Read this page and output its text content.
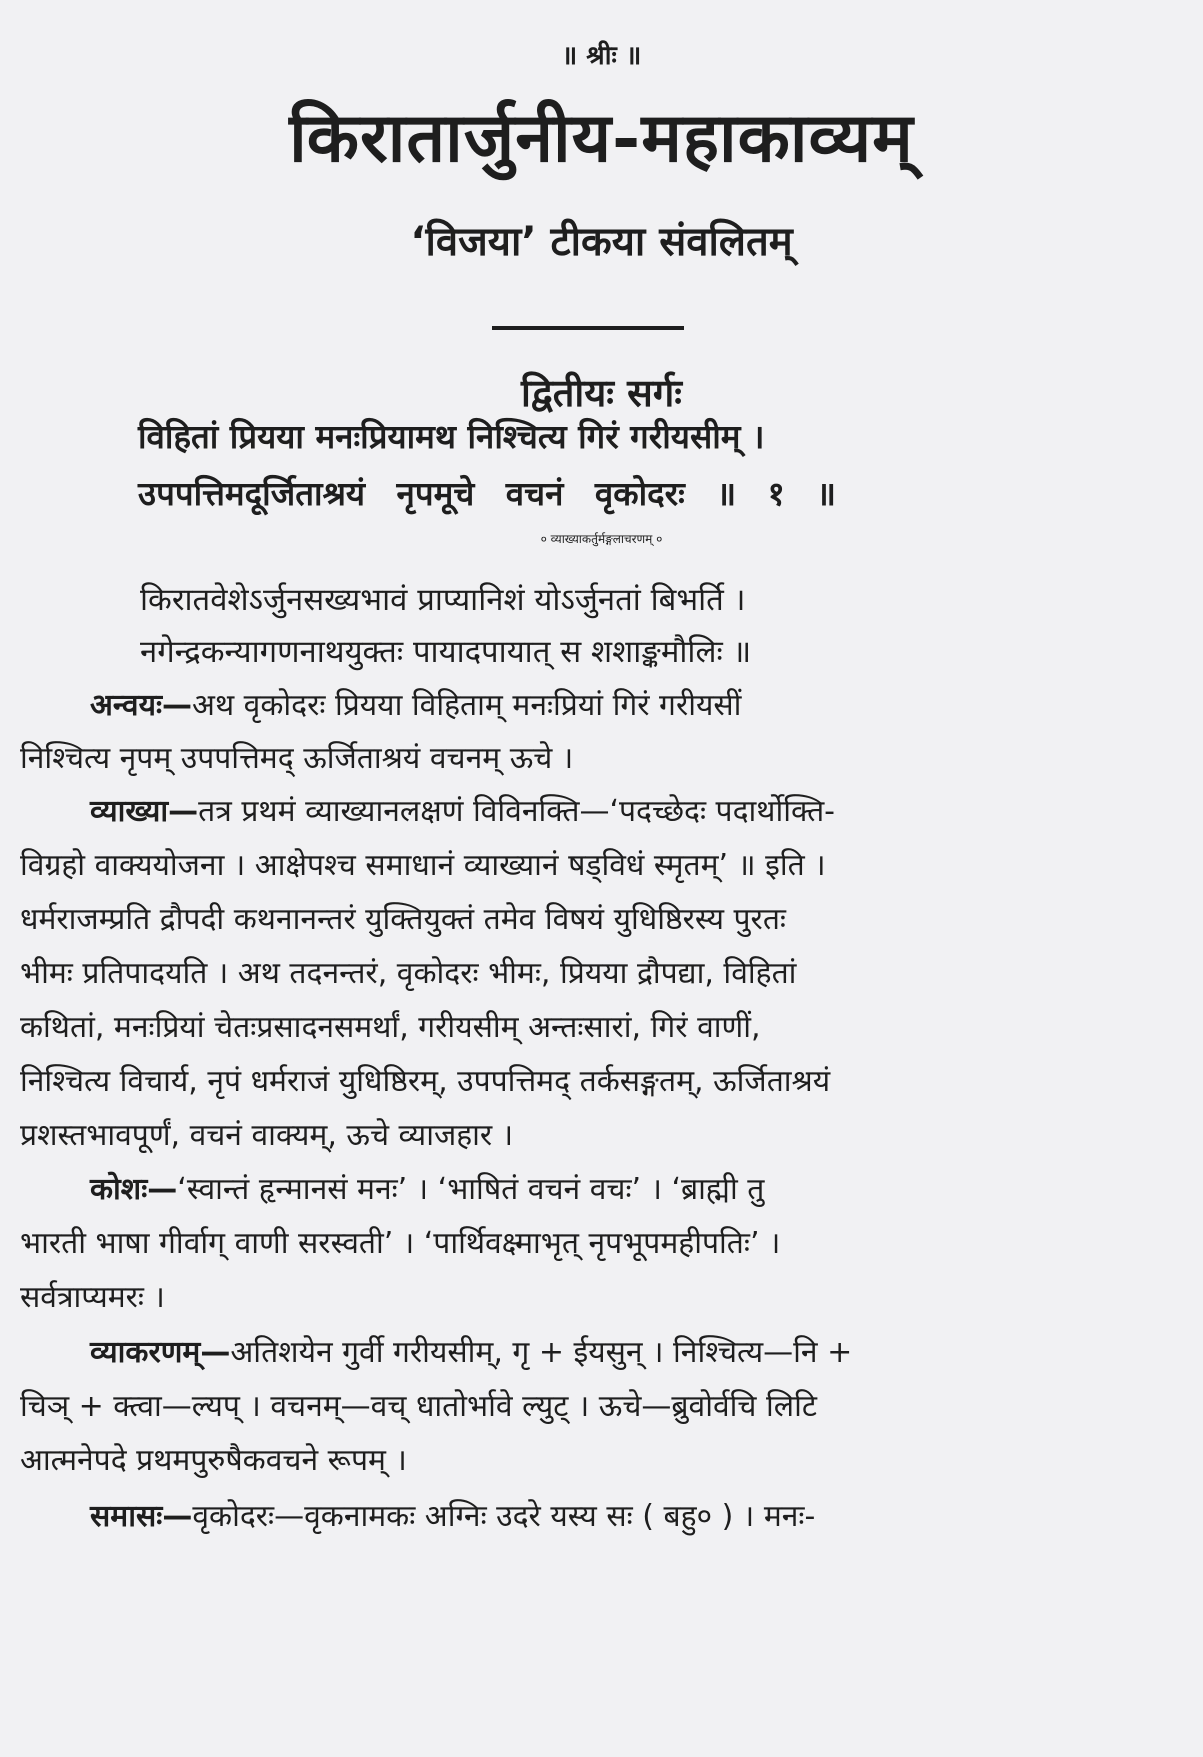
॥ श्रीः ॥
किरातार्जुनीय-महाकाव्यम्
‘विजया’ टीकया संवलितम्
द्वितीयः सर्गः
विहितां प्रियया मनःप्रियामथ निश्चित्य गिरं गरीयसीम् ।
उपपत्तिमदूर्जिताश्रयं नृपमूचे वचनं वृकोदरः ॥ १ ॥
० व्याख्याकर्तुर्मङ्गलाचरणम् ०
किरातवेशेऽर्जुनसख्यभावं प्राप्यानिशं योऽर्जुनतां बिभर्ति ।
नगेन्द्रकन्यागणनाथयुक्तः पायादपायात् स शशाङ्कमौलिः ॥
अन्वयः—अथ वृकोदरः प्रियया विहिताम् मनःप्रियां गिरं गरीयसीं
निश्चित्य नृपम् उपपत्तिमद् ऊर्जिताश्रयं वचनम् ऊचे ।
व्याख्या—तत्र प्रथमं व्याख्यानलक्षणं विविनक्ति—‘पदच्छेदः पदार्थोक्ति-
विग्रहो वाक्ययोजना । आक्षेपश्च समाधानं व्याख्यानं षड्विधं स्मृतम्’ ॥ इति ।
धर्मराजम्प्रति द्रौपदी कथनानन्तरं युक्तियुक्तं तमेव विषयं युधिष्ठिरस्य पुरतः
भीमः प्रतिपादयति । अथ तदनन्तरं, वृकोदरः भीमः, प्रियया द्रौपद्या, विहितां
कथितां, मनःप्रियां चेतःप्रसादनसमर्थां, गरीयसीम् अन्तःसारां, गिरं वाणीं,
निश्चित्य विचार्य, नृपं धर्मराजं युधिष्ठिरम्, उपपत्तिमद् तर्कसङ्गतम्, ऊर्जिताश्रयं
प्रशस्तभावपूर्णं, वचनं वाक्यम्, ऊचे व्याजहार ।
कोशः—‘स्वान्तं हृन्मानसं मनः’ । ‘भाषितं वचनं वचः’ । ‘ब्राह्मी तु
भारती भाषा गीर्वाग् वाणी सरस्वती’ । ‘पार्थिवक्ष्माभृत् नृपभूपमहीपतिः’ ।
सर्वत्राप्यमरः ।
व्याकरणम्—अतिशयेन गुर्वी गरीयसीम्, गृ + ईयसुन् । निश्चित्य—नि +
चिञ् + क्त्वा—ल्यप् । वचनम्—वच् धातोर्भावे ल्युट् । ऊचे—ब्रुवोर्वचि लिटि
आत्मनेपदे प्रथमपुरुषैकवचने रूपम् ।
समासः—वृकोदरः—वृकनामकः अग्निः उदरे यस्य सः ( बहु० ) । मनः-
